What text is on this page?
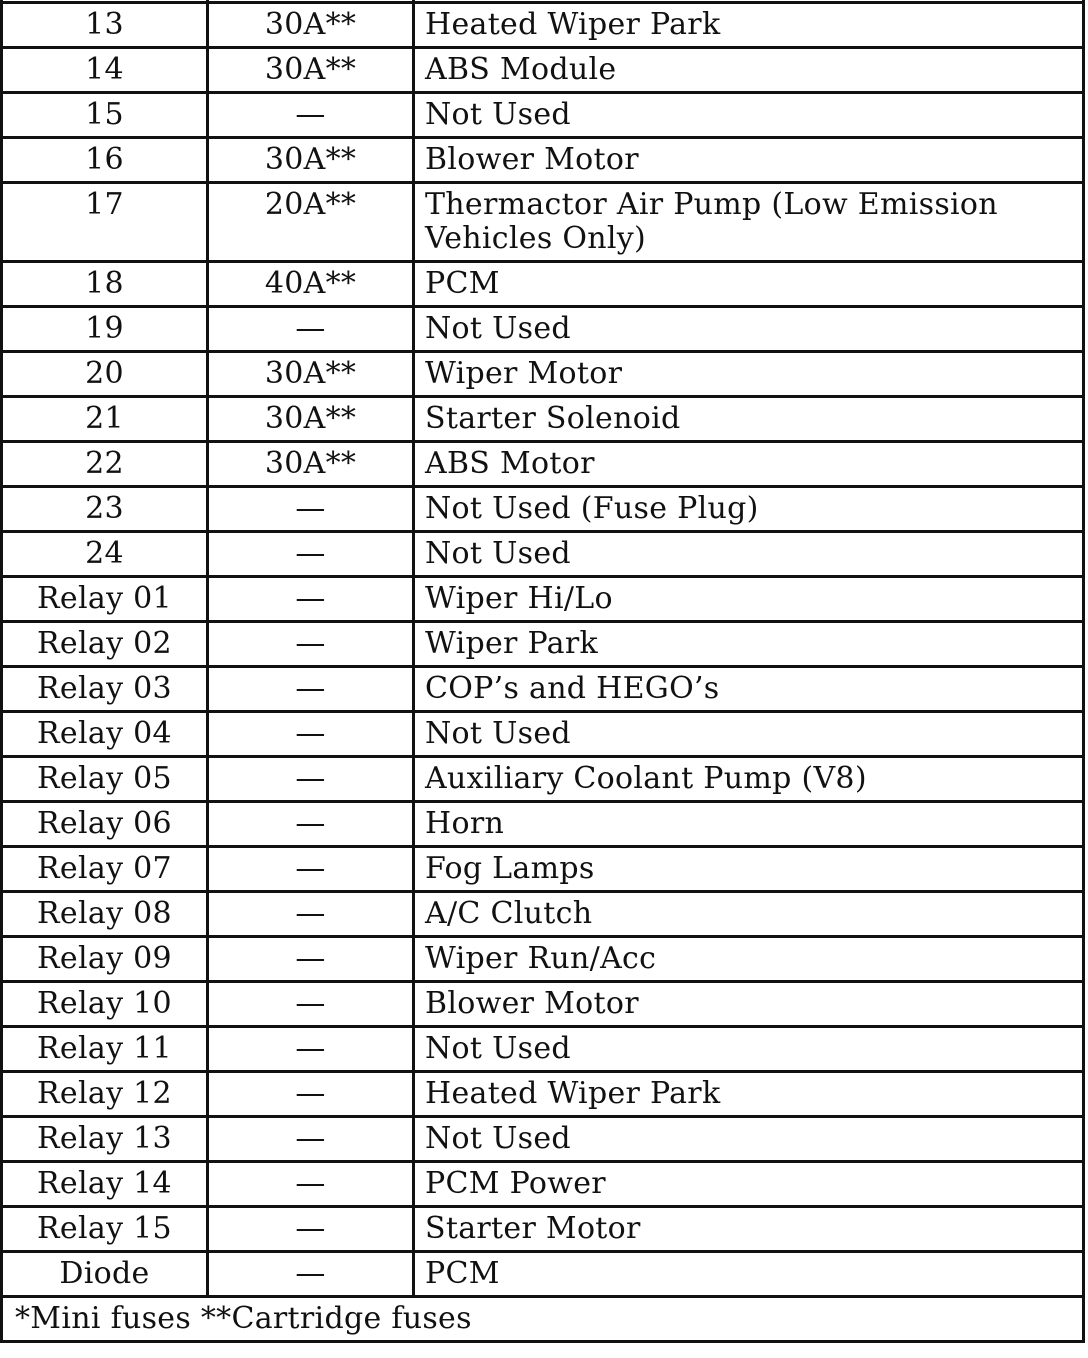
13	30A**	Heated Wiper Park
14	30A**	ABS Module
15	—	Not Used
16	30A**	Blower Motor
17	20A**	Thermactor Air Pump (Low Emission Vehicles Only)
18	40A**	PCM
19	—	Not Used
20	30A**	Wiper Motor
21	30A**	Starter Solenoid
22	30A**	ABS Motor
23	—	Not Used (Fuse Plug)
24	—	Not Used
Relay 01	—	Wiper Hi/Lo
Relay 02	—	Wiper Park
Relay 03	—	COP’s and HEGO’s
Relay 04	—	Not Used
Relay 05	—	Auxiliary Coolant Pump (V8)
Relay 06	—	Horn
Relay 07	—	Fog Lamps
Relay 08	—	A/C Clutch
Relay 09	—	Wiper Run/Acc
Relay 10	—	Blower Motor
Relay 11	—	Not Used
Relay 12	—	Heated Wiper Park
Relay 13	—	Not Used
Relay 14	—	PCM Power
Relay 15	—	Starter Motor
Diode	—	PCM
*Mini fuses **Cartridge fuses		
